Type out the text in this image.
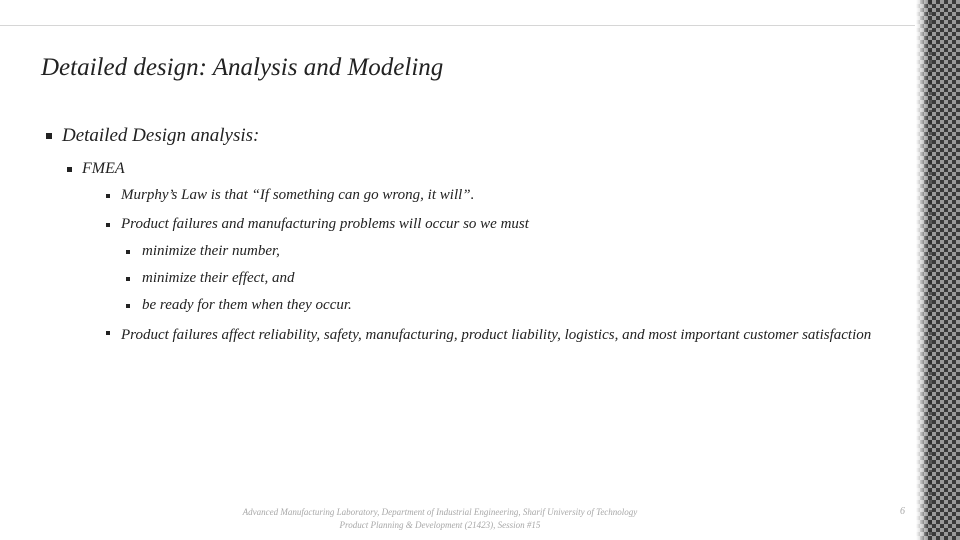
Detailed design: Analysis and Modeling
Detailed Design analysis:
FMEA
Murphy’s Law is that “If something can go wrong, it will”.
Product failures and manufacturing problems will occur so we must
minimize their number,
minimize their effect, and
be ready for them when they occur.
Product failures affect reliability, safety, manufacturing, product liability, logistics, and most important customer satisfaction
Advanced Manufacturing Laboratory, Department of Industrial Engineering, Sharif University of Technology
Product Planning & Development (21423), Session #15
6
